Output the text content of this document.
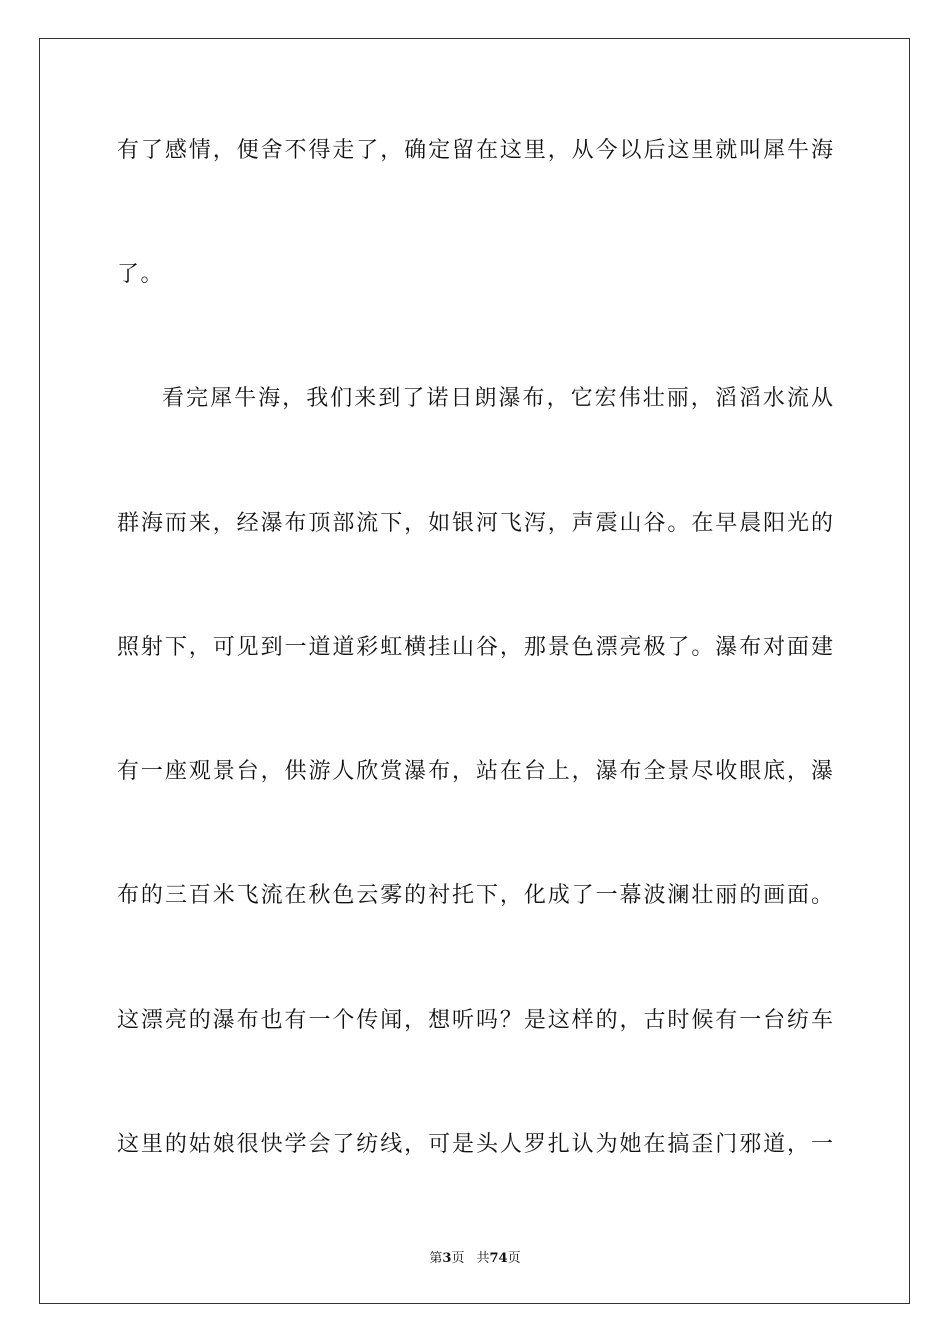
有了感情，便舍不得走了，确定留在这里，从今以后这里就叫犀牛海
了。
看完犀牛海，我们来到了诺日朗瀑布，它宏伟壮丽，滔滔水流从
群海而来，经瀑布顶部流下，如银河飞泻，声震山谷。在早晨阳光的
照射下，可见到一道道彩虹横挂山谷，那景色漂亮极了。瀑布对面建
有一座观景台，供游人欣赏瀑布，站在台上，瀑布全景尽收眼底，瀑
布的三百米飞流在秋色云雾的衬托下，化成了一幕波澜壮丽的画面。
这漂亮的瀑布也有一个传闻，想听吗？是这样的，古时候有一台纺车
这里的姑娘很快学会了纺线，可是头人罗扎认为她在搞歪门邪道，一
第3页 共74页
